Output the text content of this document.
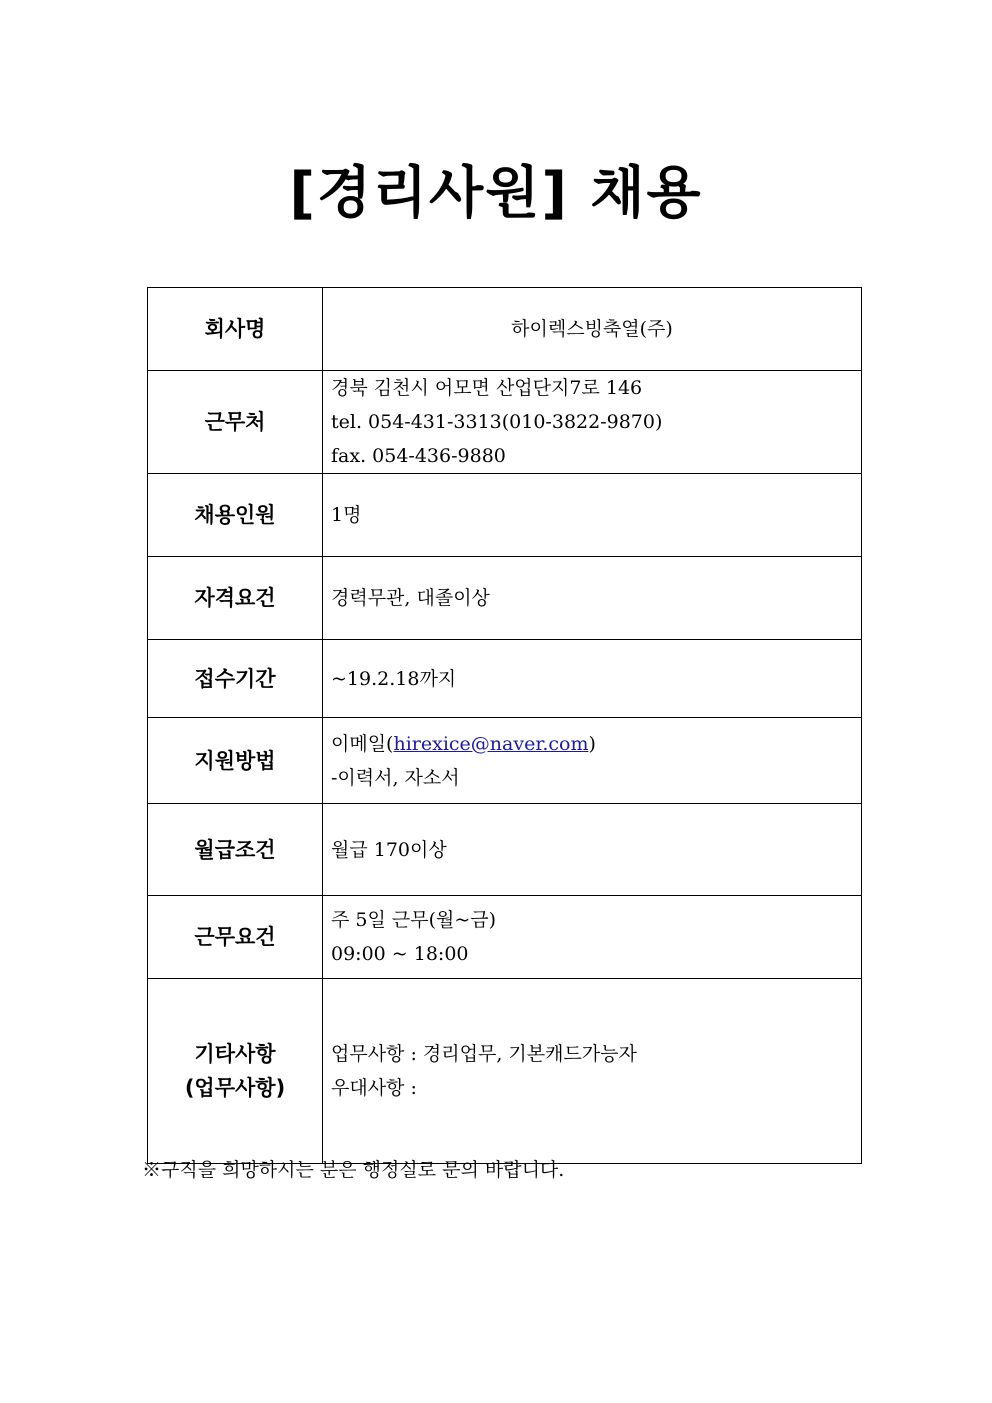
[경리사원] 채용
회사명	하이렉스빙축열(주)
근무처	경북 김천시 어모면 산업단지7로 146
tel. 054-431-3313(010-3822-9870)
fax. 054-436-9880

채용인원	1명
자격요건	경력무관, 대졸이상
접수기간	~19.2.18까지
지원방법	이메일(hirexice@naver.com)
-이력서, 자소서

월급조건	월급 170이상
근무요건	주 5일 근무(월~금)
09:00 ~ 18:00

기타사항
(업무사항)	업무사항 : 경리업무, 기본캐드가능자
우대사항 :
※구직을 희망하시는 분은 행정실로 문의 바랍니다.
